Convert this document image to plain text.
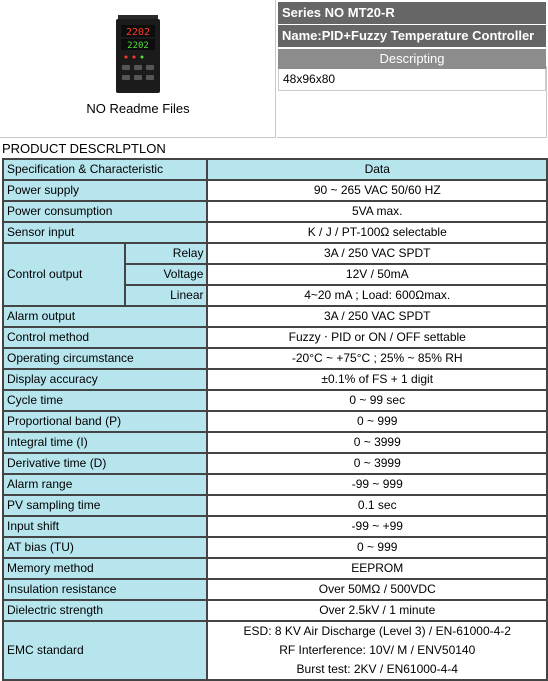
2202
2202
NO Readme Files
Series NO MT20-R
Name:PID+Fuzzy Temperature Controller
Descripting
48x96x80
PRODUCT DESCRLPTLON
Specification & Characteristic		Data
Power supply		90 ~ 265 VAC 50/60 HZ
Power consumption		5VA max.
Sensor input		K / J / PT-100Ω selectable
Control output	Relay	3A / 250 VAC SPDT
	Voltage	12V / 50mA
	Linear	4~20 mA ; Load: 600Ωmax.
Alarm output		3A / 250 VAC SPDT
Control method		Fuzzy ‧ PID or ON / OFF settable
Operating circumstance		-20°C ~ +75°C ; 25% ~ 85% RH
Display accuracy		±0.1% of FS + 1 digit
Cycle time		0 ~ 99 sec
Proportional band (P)		0 ~ 999
Integral time (I)		0 ~ 3999
Derivative time (D)		0 ~ 3999
Alarm range		-99 ~ 999
PV sampling time		0.1 sec
Input shift		-99 ~ +99
AT bias (TU)		0 ~ 999
Memory method		EEPROM
Insulation resistance		Over 50MΩ / 500VDC
Dielectric strength		Over 2.5kV / 1 minute
EMC standard		ESD: 8 KV Air Discharge (Level 3) / EN-61000-4-2
RF Interference: 10V/ M / ENV50140
Burst test: 2KV / EN61000-4-4
